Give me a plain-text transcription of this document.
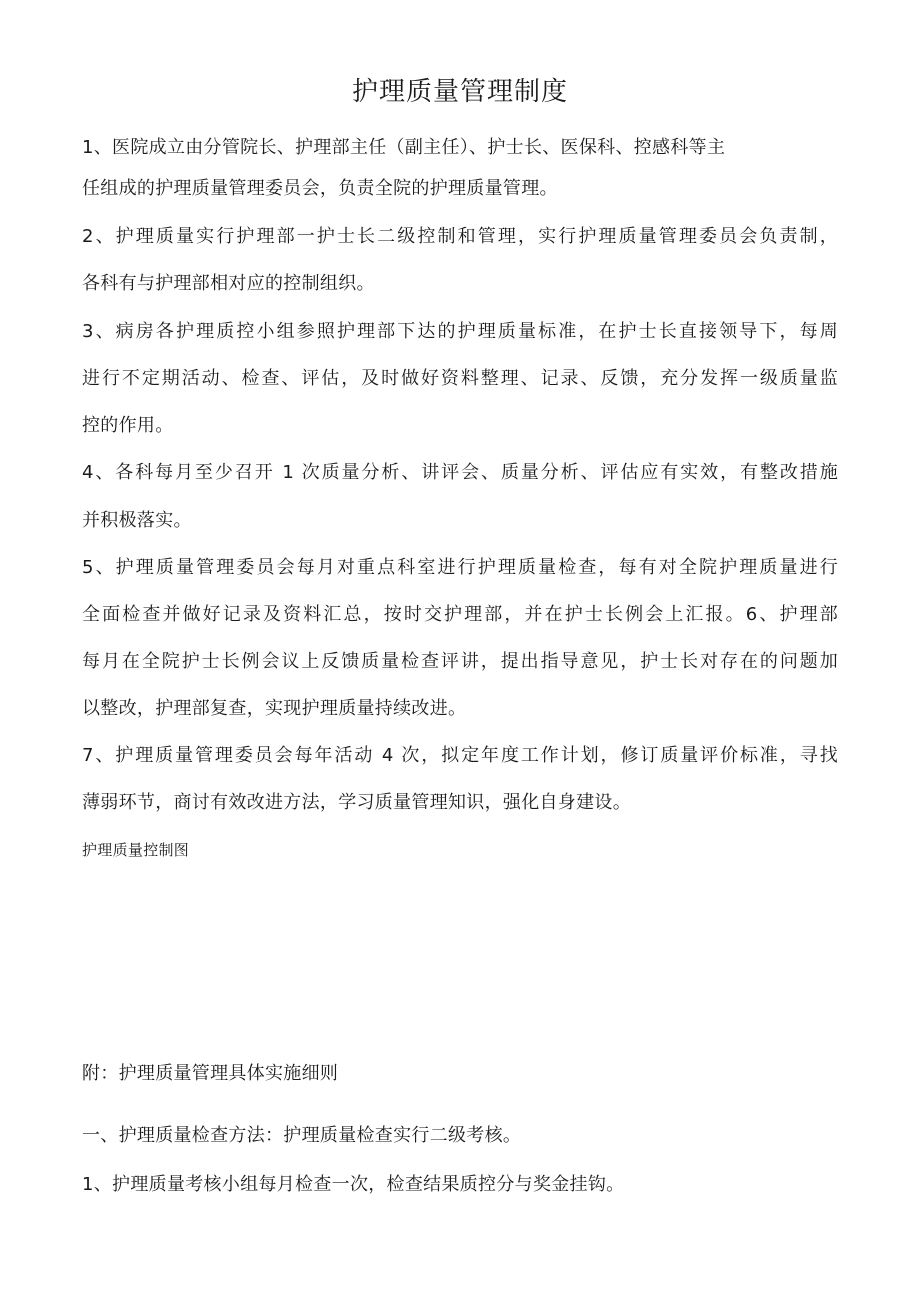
护理质量管理制度
1、医院成立由分管院长、护理部主任（副主任）、护士长、医保科、控感科等主
任组成的护理质量管理委员会，负责全院的护理质量管理。
2、护理质量实行护理部一护士长二级控制和管理，实行护理质量管理委员会负责制，
各科有与护理部相对应的控制组织。
3、病房各护理质控小组参照护理部下达的护理质量标准，在护士长直接领导下，每周
进行不定期活动、检查、评估，及时做好资料整理、记录、反馈，充分发挥一级质量监
控的作用。
4、各科每月至少召开 1 次质量分析、讲评会、质量分析、评估应有实效，有整改措施
并积极落实。
5、护理质量管理委员会每月对重点科室进行护理质量检查，每有对全院护理质量进行
全面检查并做好记录及资料汇总，按时交护理部，并在护士长例会上汇报。6、护理部
每月在全院护士长例会议上反馈质量检查评讲，提出指导意见，护士长对存在的问题加
以整改，护理部复查，实现护理质量持续改进。
7、护理质量管理委员会每年活动 4 次，拟定年度工作计划，修订质量评价标准，寻找
薄弱环节，商讨有效改进方法，学习质量管理知识，强化自身建设。
护理质量控制图
附：护理质量管理具体实施细则
一、护理质量检查方法：护理质量检查实行二级考核。
1、护理质量考核小组每月检查一次，检查结果质控分与奖金挂钩。
